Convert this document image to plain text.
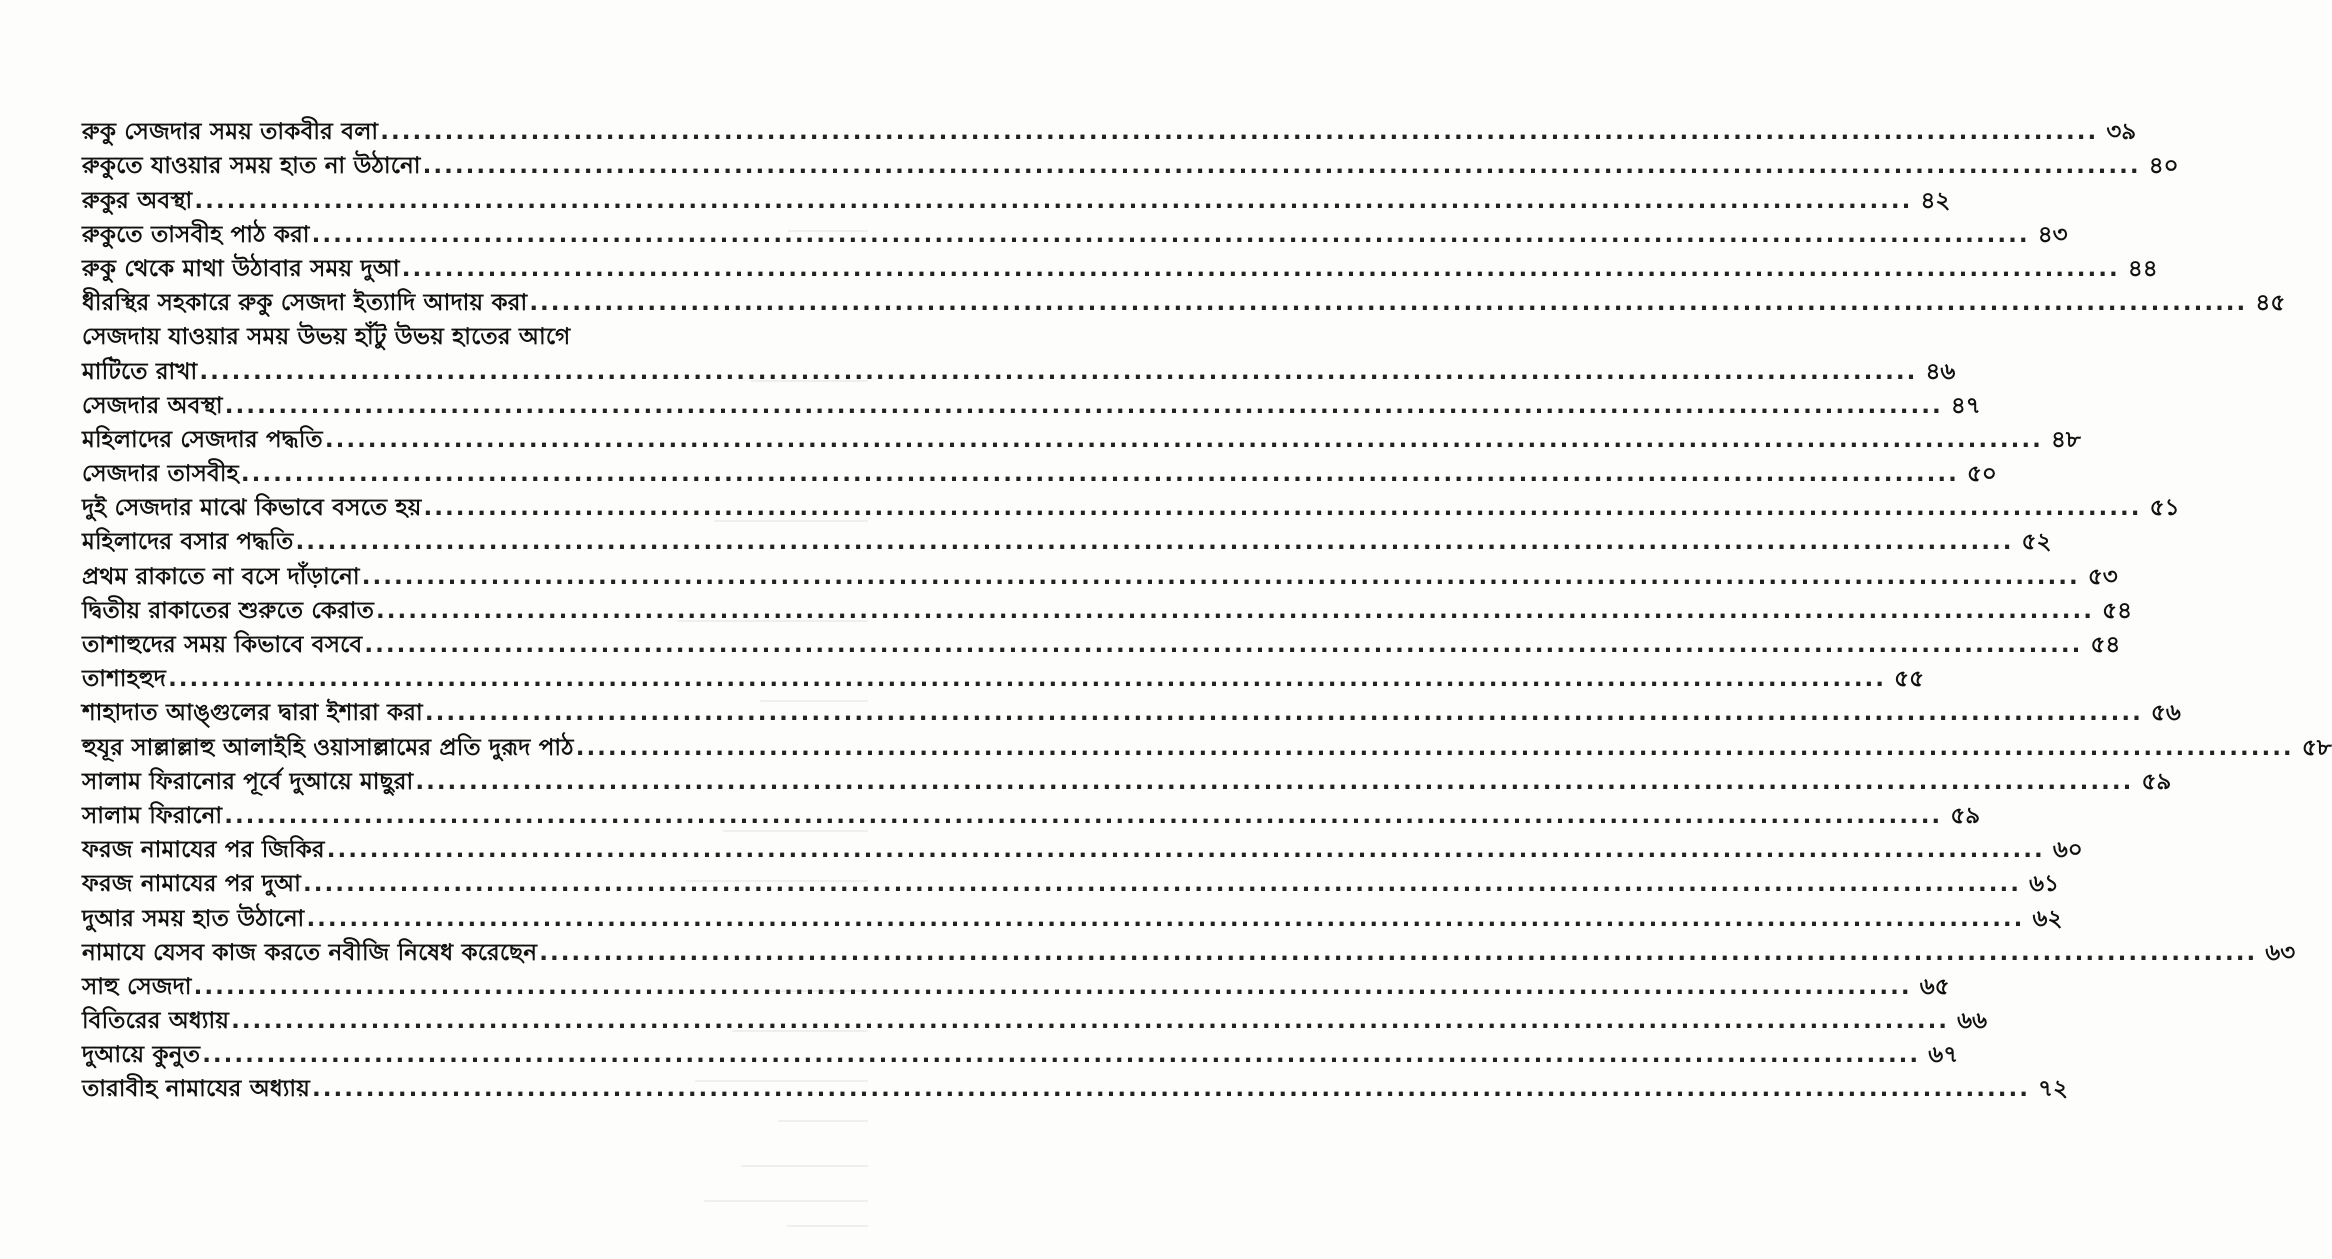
রুকু সেজদার সময় তাকবীর বলা ................................................................................................................................................................ ৩৯
রুকুতে যাওয়ার সময় হাত না উঠানো ................................................................................................................................................................ ৪০
রুকুর অবস্থা ................................................................................................................................................................ ৪২
রুকুতে তাসবীহ পাঠ করা ................................................................................................................................................................ ৪৩
রুকু থেকে মাথা উঠাবার সময় দুআ ................................................................................................................................................................ ৪৪
ধীরস্থির সহকারে রুকু সেজদা ইত্যাদি আদায় করা ................................................................................................................................................................ ৪৫
সেজদায় যাওয়ার সময় উভয় হাঁটু উভয় হাতের আগে
মাটিতে রাখা ................................................................................................................................................................ ৪৬
সেজদার অবস্থা ................................................................................................................................................................ ৪৭
মহিলাদের সেজদার পদ্ধতি ................................................................................................................................................................ ৪৮
সেজদার তাসবীহ ................................................................................................................................................................ ৫০
দুই সেজদার মাঝে কিভাবে বসতে হয় ................................................................................................................................................................ ৫১
মহিলাদের বসার পদ্ধতি ................................................................................................................................................................ ৫২
প্রথম রাকাতে না বসে দাঁড়ানো ................................................................................................................................................................ ৫৩
দ্বিতীয় রাকাতের শুরুতে কেরাত ................................................................................................................................................................ ৫৪
তাশাহুদের সময় কিভাবে বসবে ................................................................................................................................................................ ৫৪
তাশাহহুদ ................................................................................................................................................................ ৫৫
শাহাদাত আঙ্গুলের দ্বারা ইশারা করা ................................................................................................................................................................ ৫৬
হুযূর সাল্লাল্লাহু আলাইহি ওয়াসাল্লামের প্রতি দুরূদ পাঠ ................................................................................................................................................................ ৫৮
সালাম ফিরানোর পূর্বে দুআয়ে মাছুরা ................................................................................................................................................................ ৫৯
সালাম ফিরানো ................................................................................................................................................................ ৫৯
ফরজ নামাযের পর জিকির ................................................................................................................................................................ ৬০
ফরজ নামাযের পর দুআ ................................................................................................................................................................ ৬১
দুআর সময় হাত উঠানো ................................................................................................................................................................ ৬২
নামাযে যেসব কাজ করতে নবীজি নিষেধ করেছেন ................................................................................................................................................................ ৬৩
সাহু সেজদা ................................................................................................................................................................ ৬৫
বিতিরের অধ্যায় ................................................................................................................................................................ ৬৬
দুআয়ে কুনুত ................................................................................................................................................................ ৬৭
তারাবীহ নামাযের অধ্যায় ................................................................................................................................................................ ৭২
